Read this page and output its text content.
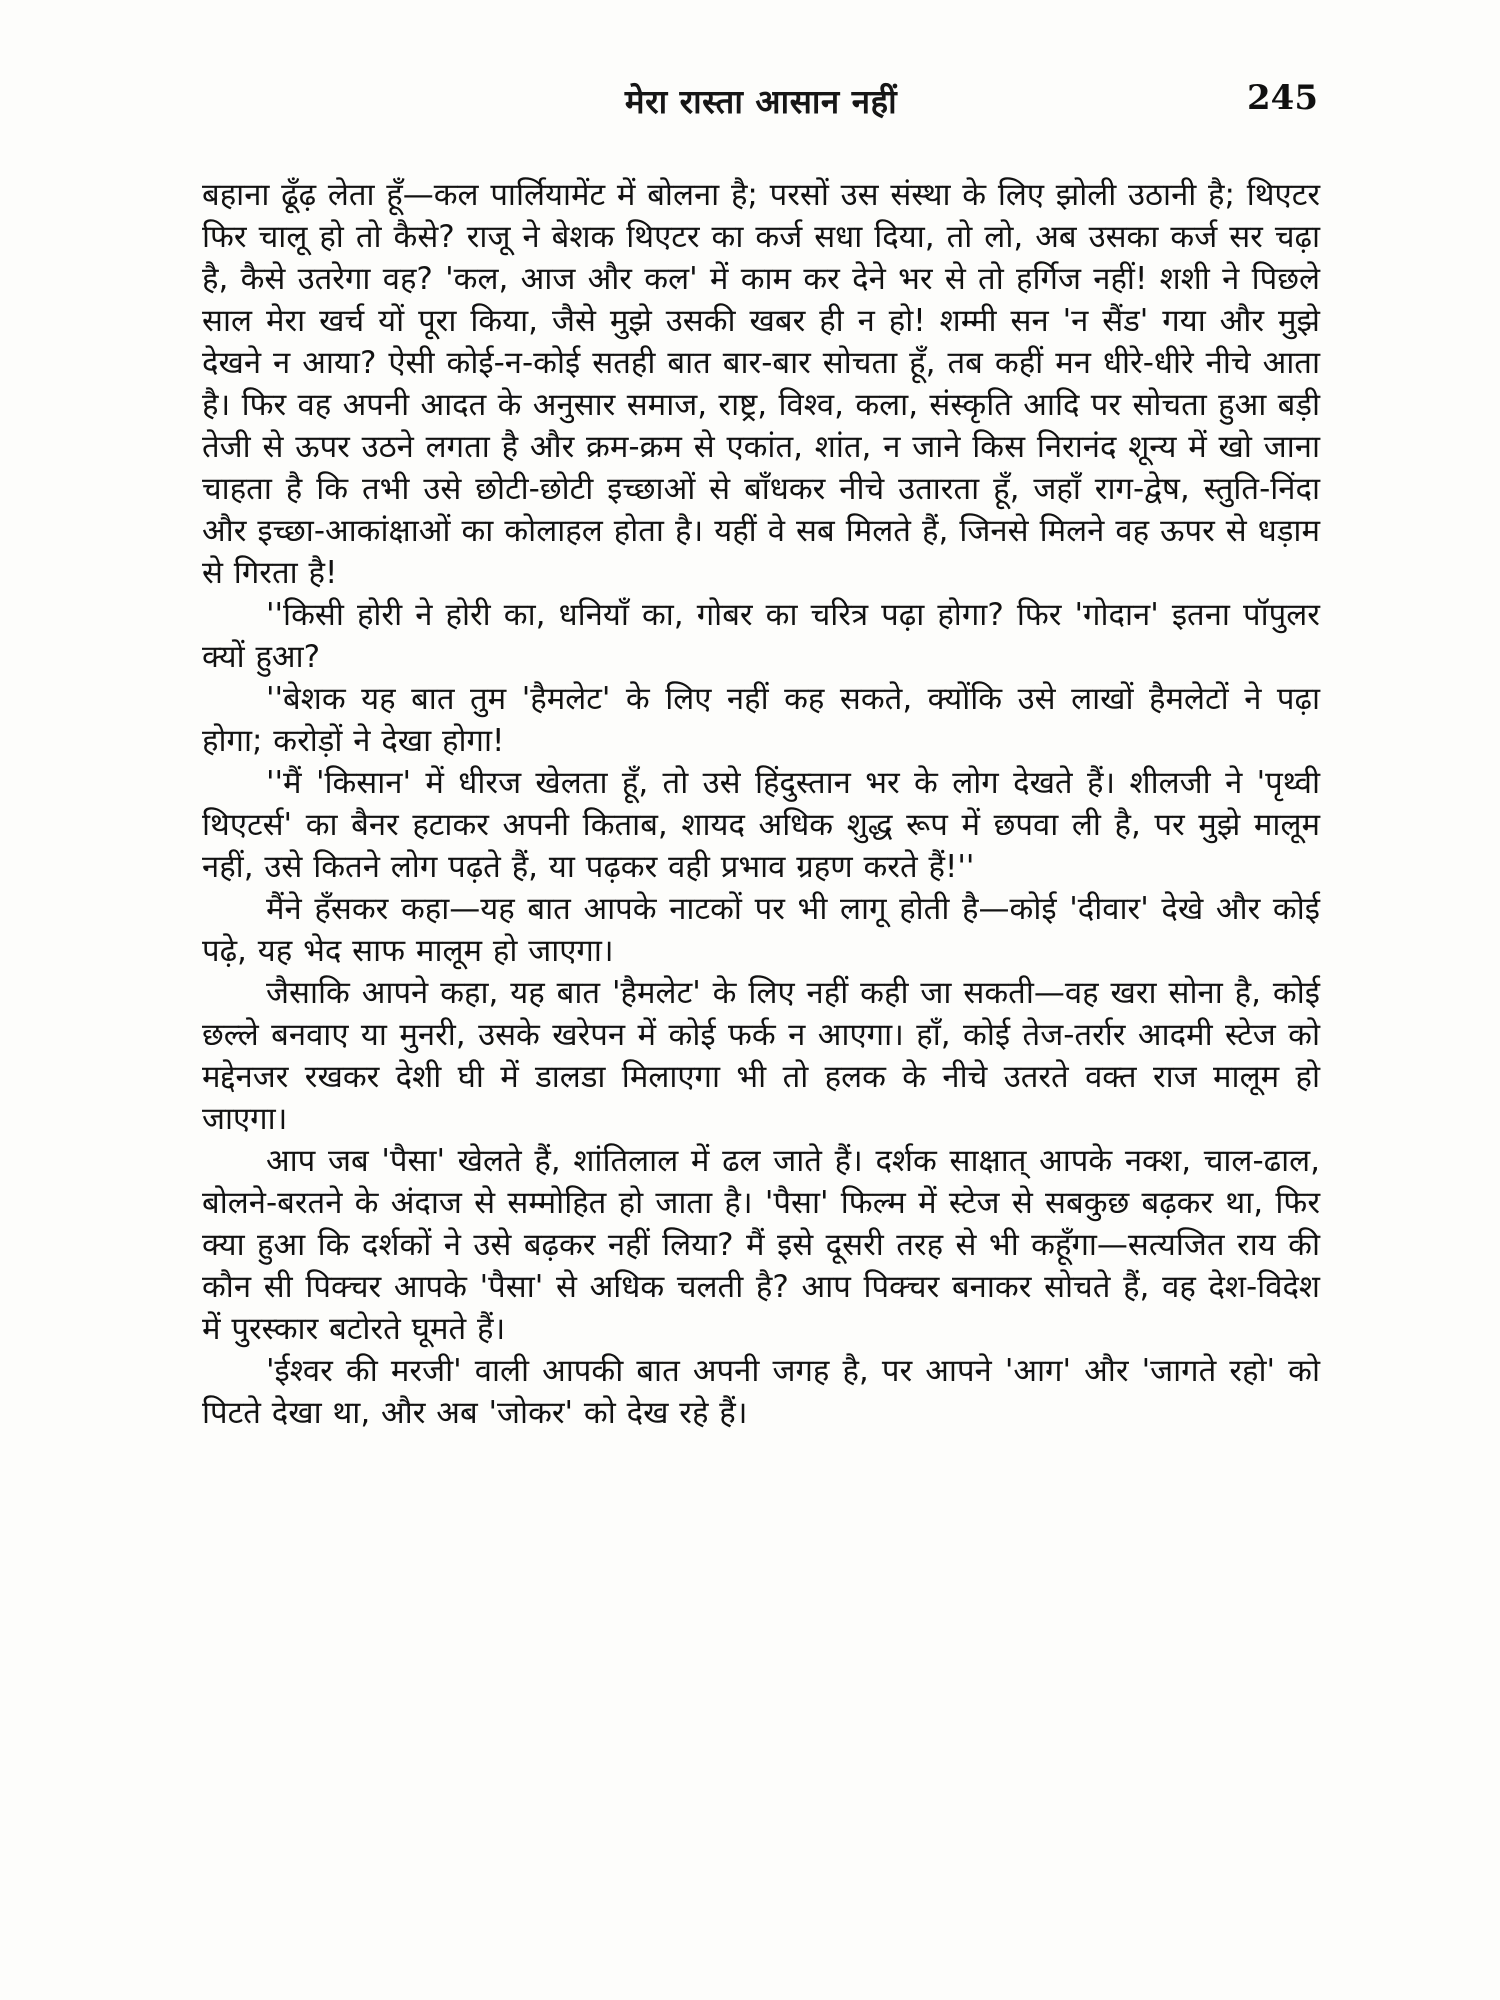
मेरा रास्ता आसान नहीं	245

बहाना ढूँढ़ लेता हूँ—कल पार्लियामेंट में बोलना है; परसों उस संस्था के लिए झोली उठानी है; थिएटर फिर चालू हो तो कैसे? राजू ने बेशक थिएटर का कर्ज सधा दिया, तो लो, अब उसका कर्ज सर चढ़ा है, कैसे उतरेगा वह? 'कल, आज और कल' में काम कर देने भर से तो हर्गिज नहीं! शशी ने पिछले साल मेरा खर्च यों पूरा किया, जैसे मुझे उसकी खबर ही न हो! शम्मी सन 'न सैंड' गया और मुझे देखने न आया? ऐसी कोई-न-कोई सतही बात बार-बार सोचता हूँ, तब कहीं मन धीरे-धीरे नीचे आता है। फिर वह अपनी आदत के अनुसार समाज, राष्ट्र, विश्व, कला, संस्कृति आदि पर सोचता हुआ बड़ी तेजी से ऊपर उठने लगता है और क्रम-क्रम से एकांत, शांत, न जाने किस निरानंद शून्य में खो जाना चाहता है कि तभी उसे छोटी-छोटी इच्छाओं से बाँधकर नीचे उतारता हूँ, जहाँ राग-द्वेष, स्तुति-निंदा और इच्छा-आकांक्षाओं का कोलाहल होता है। यहीं वे सब मिलते हैं, जिनसे मिलने वह ऊपर से धड़ाम से गिरता है!

''किसी होरी ने होरी का, धनियाँ का, गोबर का चरित्र पढ़ा होगा? फिर 'गोदान' इतना पॉपुलर क्यों हुआ?

''बेशक यह बात तुम 'हैमलेट' के लिए नहीं कह सकते, क्योंकि उसे लाखों हैमलेटों ने पढ़ा होगा; करोड़ों ने देखा होगा!

''मैं 'किसान' में धीरज खेलता हूँ, तो उसे हिंदुस्तान भर के लोग देखते हैं। शीलजी ने 'पृथ्वी थिएटर्स' का बैनर हटाकर अपनी किताब, शायद अधिक शुद्ध रूप में छपवा ली है, पर मुझे मालूम नहीं, उसे कितने लोग पढ़ते हैं, या पढ़कर वही प्रभाव ग्रहण करते हैं!''

मैंने हँसकर कहा—यह बात आपके नाटकों पर भी लागू होती है—कोई 'दीवार' देखे और कोई पढ़े, यह भेद साफ मालूम हो जाएगा।

जैसाकि आपने कहा, यह बात 'हैमलेट' के लिए नहीं कही जा सकती—वह खरा सोना है, कोई छल्ले बनवाए या मुनरी, उसके खरेपन में कोई फर्क न आएगा। हाँ, कोई तेज-तर्रार आदमी स्टेज को मद्देनजर रखकर देशी घी में डालडा मिलाएगा भी तो हलक के नीचे उतरते वक्त राज मालूम हो जाएगा।

आप जब 'पैसा' खेलते हैं, शांतिलाल में ढल जाते हैं। दर्शक साक्षात् आपके नक्श, चाल-ढाल, बोलने-बरतने के अंदाज से सम्मोहित हो जाता है। 'पैसा' फिल्म में स्टेज से सबकुछ बढ़कर था, फिर क्या हुआ कि दर्शकों ने उसे बढ़कर नहीं लिया? मैं इसे दूसरी तरह से भी कहूँगा—सत्यजित राय की कौन सी पिक्चर आपके 'पैसा' से अधिक चलती है? आप पिक्चर बनाकर सोचते हैं, वह देश-विदेश में पुरस्कार बटोरते घूमते हैं।

'ईश्वर की मरजी' वाली आपकी बात अपनी जगह है, पर आपने 'आग' और 'जागते रहो' को पिटते देखा था, और अब 'जोकर' को देख रहे हैं।
